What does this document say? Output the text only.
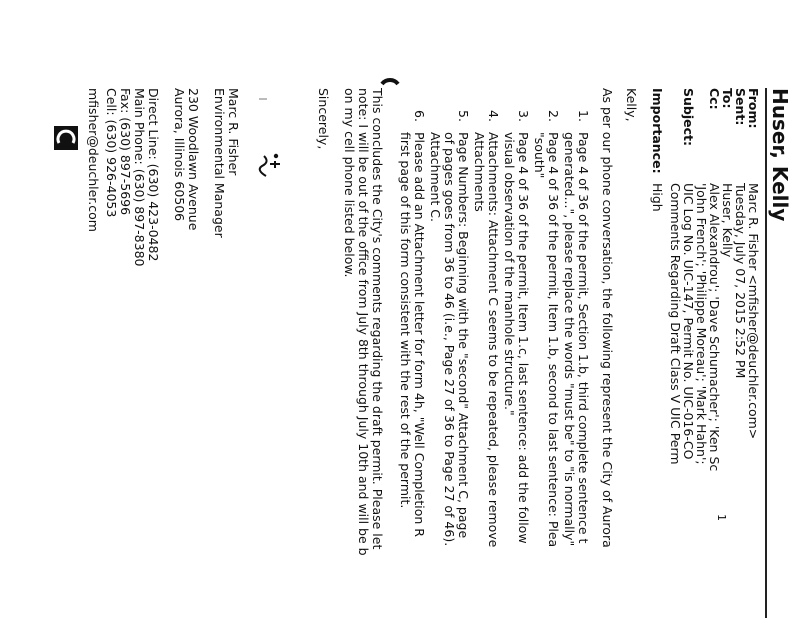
Huser, Kelly
From:
Marc R. Fisher <mfisher@deuchler.com>
Sent:
Tuesday, July 07, 2015 2:52 PM
To:
Huser, Kelly
Cc:
Alex Alexandrou'; 'Dave Schumacher'; 'Ken Sc
'John French'; 'Philippe Moreau'; 'Mark Hahn';
Subject:
UIC Log No. UIC-147, Permit No. UIC-016-CO
Comments Regarding Draft Class V UIC Perm
Importance:
High
Kelly,
As per our phone conversation, the following represent the City of Aurora
1.
Page 4 of 36 of the permit, Section 1.b, third complete sentence t
generated...", please replace the words "must be" to "is normally"
2.
Page 4 of 36 of the permit, Item 1.b, second to last sentence: Plea
"south"
3.
Page 4 of 36 of the permit, Item 1.c, last sentence: add the follow
visual observation of the manhole structure."
4.
Attachments: Attachment C seems to be repeated, please remove
Attachments
5.
Page Numbers: Beginning with the "second" Attachment C, page
of pages goes from 36 to 46 (i.e., Page 27 of 36 to Page 27 of 46).
Attachment C.
6.
Please add an Attachment letter for form 4h, "Well Completion R
first page of this form consistent with the rest of the permit.
This concludes the City's comments regarding the draft permit. Please let
note: I will be out of the office from July 8th through July 10th and will be b
on my cell phone listed below.
Sincerely,
Marc R. Fisher
Environmental Manager
230 Woodlawn Avenue
Aurora, Illinois 60506
Direct Line: (630) 423-0482
Main Phone: (630) 897-8380
Fax: (630) 897-5696
Cell: (630) 926-4053
mfisher@deuchler.com
1
